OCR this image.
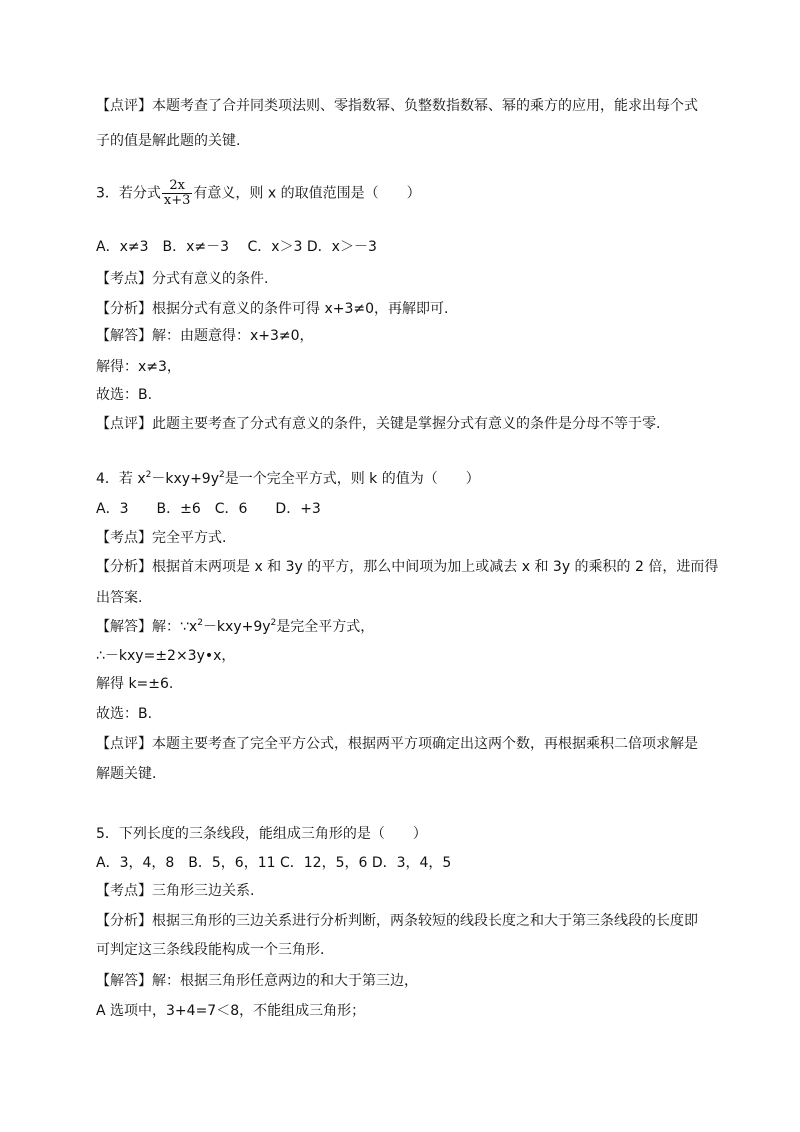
【点评】本题考查了合并同类项法则、零指数幂、负整数指数幂、幂的乘方的应用，能求出每个式
子的值是解此题的关键.
3．若分式 $\frac{2x}{x+3}$ 有意义，则 x 的取值范围是（　　）
A．x≠3　B．x≠－3　 C．x＞3 D．x＞－3
【考点】分式有意义的条件.
【分析】根据分式有意义的条件可得 x+3≠0，再解即可.
【解答】解：由题意得：x+3≠0，
解得：x≠3，
故选：B.
【点评】此题主要考查了分式有意义的条件，关键是掌握分式有意义的条件是分母不等于零.
4．若 $x^2-kxy+9y^2$是一个完全平方式，则 k 的值为（　　）
A．3　　B．±6　C．6　　D．+3
【考点】完全平方式.
【分析】根据首末两项是 x 和 3y 的平方，那么中间项为加上或减去 x 和 3y 的乘积的 2 倍，进而得
出答案.
【解答】解：$\because x^2-kxy+9y^2$是完全平方式，
∴－kxy=±2×3y•x，
解得 k=±6.
故选：B.
【点评】本题主要考查了完全平方公式，根据两平方项确定出这两个数，再根据乘积二倍项求解是
解题关键.
5．下列长度的三条线段，能组成三角形的是（　　）
A．3，4，8　B．5，6，11 C．12，5，6 D．3，4，5
【考点】三角形三边关系.
【分析】根据三角形的三边关系进行分析判断，两条较短的线段长度之和大于第三条线段的长度即
可判定这三条线段能构成一个三角形.
【解答】解：根据三角形任意两边的和大于第三边，
A 选项中，3+4=7＜8，不能组成三角形；
